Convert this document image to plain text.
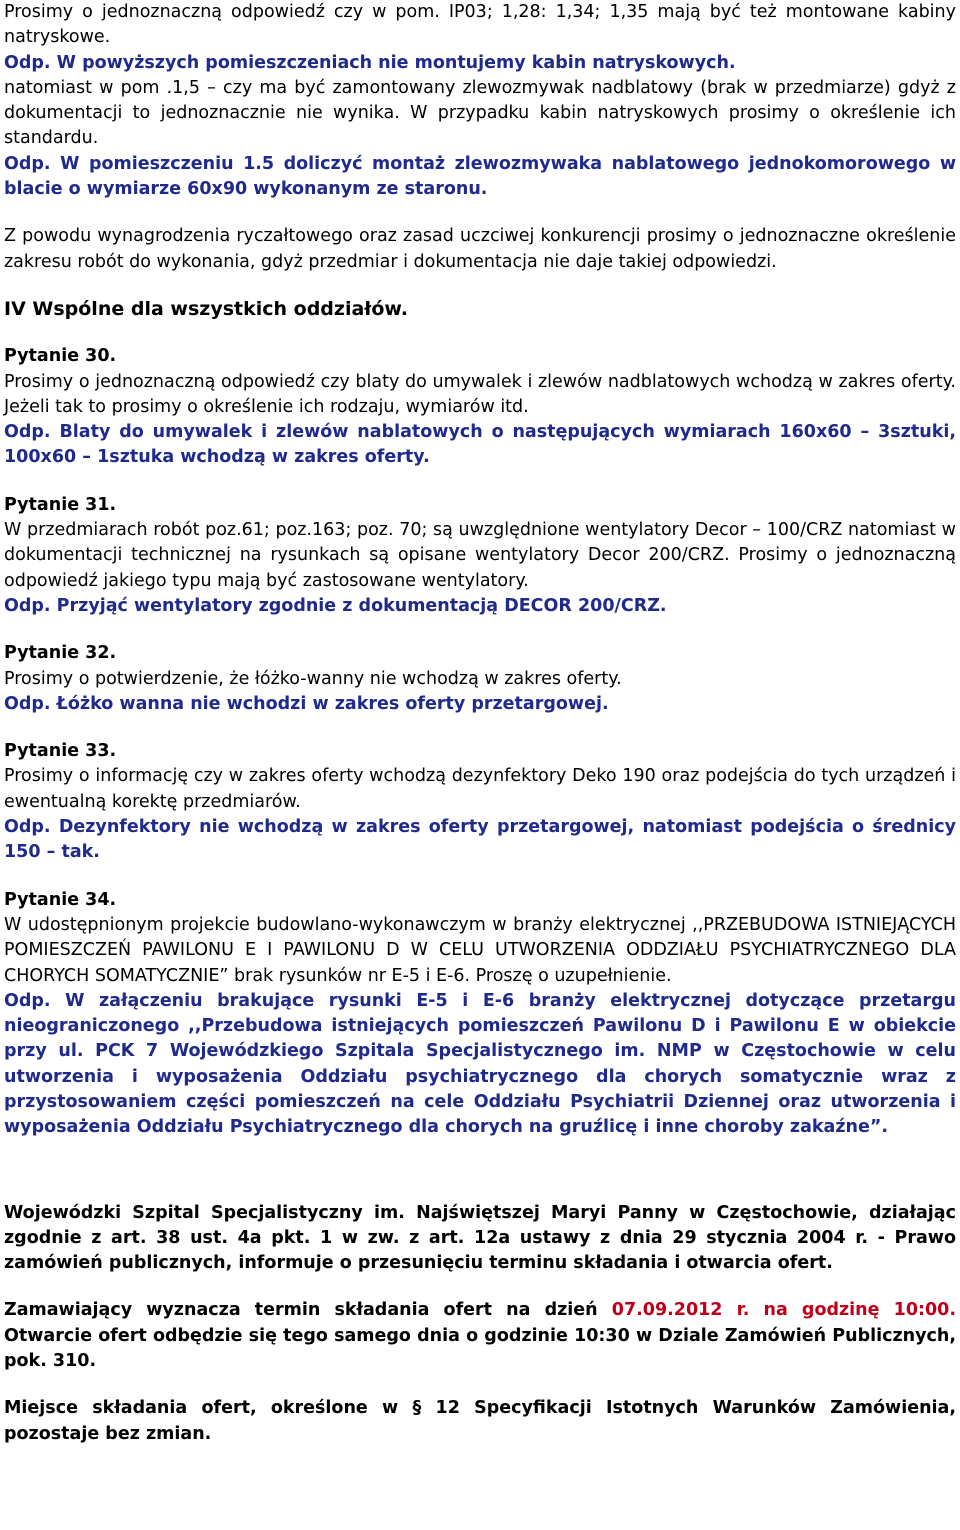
Prosimy o jednoznaczną odpowiedź czy w pom. IP03; 1,28: 1,34; 1,35 mają być też montowane kabiny natryskowe.

Odp. W powyższych pomieszczeniach nie montujemy kabin natryskowych.

natomiast w pom .1,5 – czy ma być zamontowany zlewozmywak nadblatowy (brak w przedmiarze) gdyż z dokumentacji to jednoznacznie nie wynika. W przypadku kabin natryskowych prosimy o określenie ich standardu.

Odp. W pomieszczeniu 1.5 doliczyć montaż zlewozmywaka nablatowego jednokomorowego w blacie o wymiarze 60x90 wykonanym ze staronu.

Z powodu wynagrodzenia ryczałtowego oraz zasad uczciwej konkurencji prosimy o jednoznaczne określenie zakresu robót do wykonania, gdyż przedmiar i dokumentacja nie daje takiej odpowiedzi.

IV Wspólne dla wszystkich oddziałów.

Pytanie 30.

Prosimy o jednoznaczną odpowiedź czy blaty do umywalek i zlewów nadblatowych wchodzą w zakres oferty. Jeżeli tak to prosimy o określenie ich rodzaju, wymiarów itd.

Odp. Blaty do umywalek i zlewów nablatowych o następujących wymiarach 160x60 – 3sztuki, 100x60 – 1sztuka wchodzą w zakres oferty.

Pytanie 31.

W przedmiarach robót poz.61; poz.163; poz. 70; są uwzględnione wentylatory Decor – 100/CRZ natomiast w dokumentacji technicznej na rysunkach są opisane wentylatory Decor 200/CRZ. Prosimy o jednoznaczną odpowiedź jakiego typu mają być zastosowane wentylatory.

Odp. Przyjąć wentylatory zgodnie z dokumentacją DECOR 200/CRZ.

Pytanie 32.

Prosimy o potwierdzenie, że łóżko-wanny nie wchodzą w zakres oferty.

Odp. Łóżko wanna nie wchodzi w zakres oferty przetargowej.

Pytanie 33.

Prosimy o informację czy w zakres oferty wchodzą dezynfektory Deko 190 oraz podejścia do tych urządzeń i ewentualną korektę przedmiarów.

Odp. Dezynfektory nie wchodzą w zakres oferty przetargowej, natomiast podejścia o średnicy 150 – tak.

Pytanie 34.

W udostępnionym projekcie budowlano-wykonawczym w branży elektrycznej ,,PRZEBUDOWA ISTNIEJĄCYCH POMIESZCZEŃ PAWILONU E I PAWILONU D W CELU UTWORZENIA ODDZIAŁU PSYCHIATRYCZNEGO DLA CHORYCH SOMATYCZNIE” brak rysunków nr E-5 i E-6. Proszę o uzupełnienie.

Odp. W załączeniu brakujące rysunki E-5 i E-6 branży elektrycznej dotyczące przetargu nieograniczonego ,,Przebudowa istniejących pomieszczeń Pawilonu D i Pawilonu E w obiekcie przy ul. PCK 7 Wojewódzkiego Szpitala Specjalistycznego im. NMP w Częstochowie w celu utworzenia i wyposażenia Oddziału psychiatrycznego dla chorych somatycznie wraz z przystosowaniem części pomieszczeń na cele Oddziału Psychiatrii Dziennej oraz utworzenia i wyposażenia Oddziału Psychiatrycznego dla chorych na gruźlicę i inne choroby zakaźne”.

Wojewódzki Szpital Specjalistyczny im. Najświętszej Maryi Panny w Częstochowie, działając zgodnie z art. 38 ust. 4a pkt. 1 w zw. z art. 12a ustawy z dnia 29 stycznia 2004 r. - Prawo zamówień publicznych, informuje o przesunięciu terminu składania i otwarcia ofert.

Zamawiający wyznacza termin składania ofert na dzień 07.09.2012 r. na godzinę 10:00. Otwarcie ofert odbędzie się tego samego dnia o godzinie 10:30 w Dziale Zamówień Publicznych, pok. 310.

Miejsce składania ofert, określone w § 12 Specyfikacji Istotnych Warunków Zamówienia, pozostaje bez zmian.
